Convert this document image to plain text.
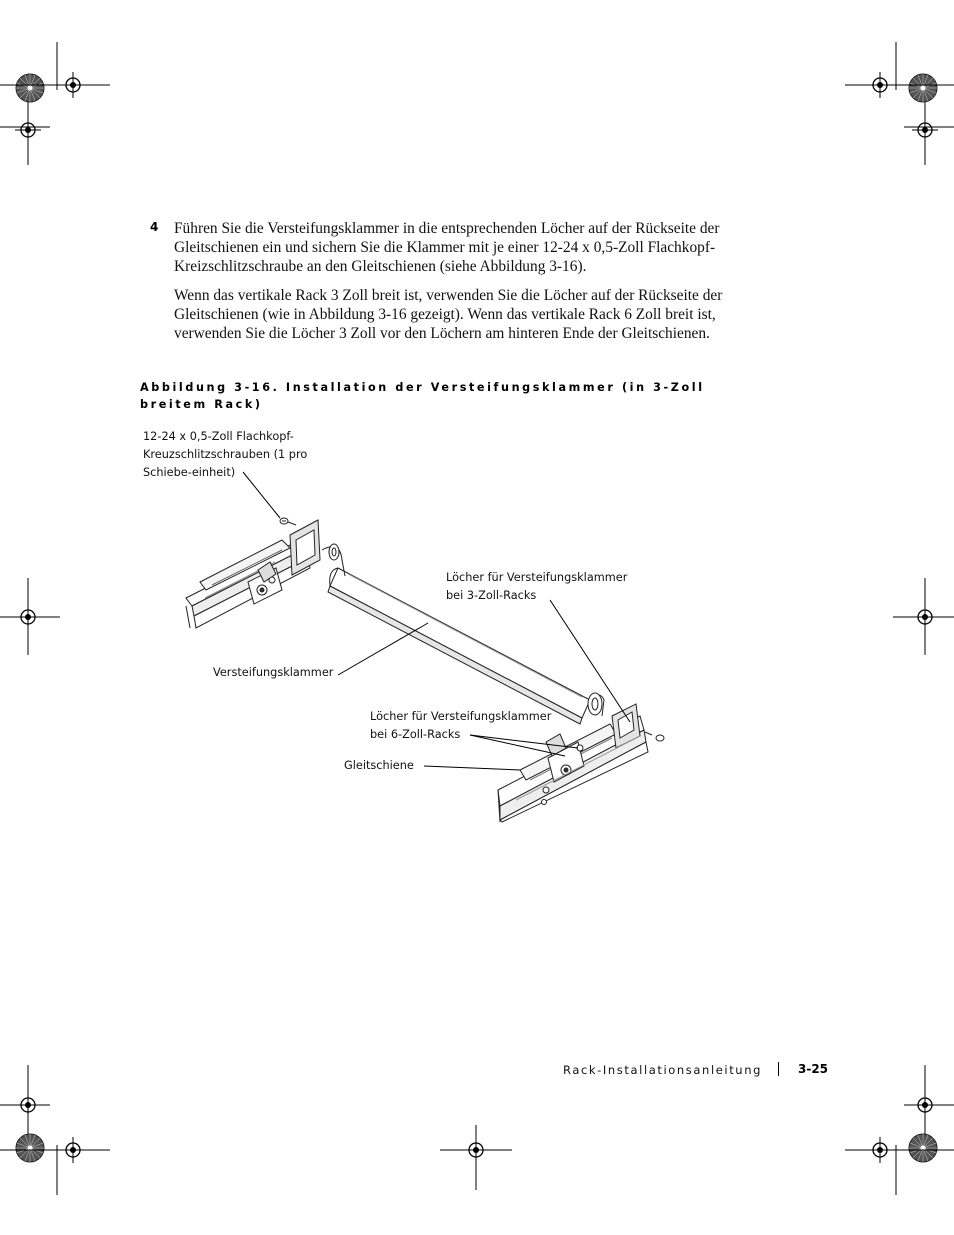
4 Führen Sie die Versteifungsklammer in die entsprechenden Löcher auf der Rückseite der Gleitschienen ein und sichern Sie die Klammer mit je einer 12-24 x 0,5-Zoll Flachkopf-Kreizschlitzschraube an den Gleitschienen (siehe Abbildung 3-16).
Wenn das vertikale Rack 3 Zoll breit ist, verwenden Sie die Löcher auf der Rückseite der Gleitschienen (wie in Abbildung 3-16 gezeigt). Wenn das vertikale Rack 6 Zoll breit ist, verwenden Sie die Löcher 3 Zoll vor den Löchern am hinteren Ende der Gleitschienen.
Abbildung 3-16. Installation der Versteifungsklammer (in 3-Zoll breitem Rack)
12-24 x 0,5-Zoll Flachkopf-
Kreuzschlitzschrauben (1 pro
Schiebe-einheit)
Löcher für Versteifungsklammer
bei 3-Zoll-Racks
Versteifungsklammer
Löcher für Versteifungsklammer
bei 6-Zoll-Racks
Gleitschiene
Rack-Installationsanleitung	3-25
